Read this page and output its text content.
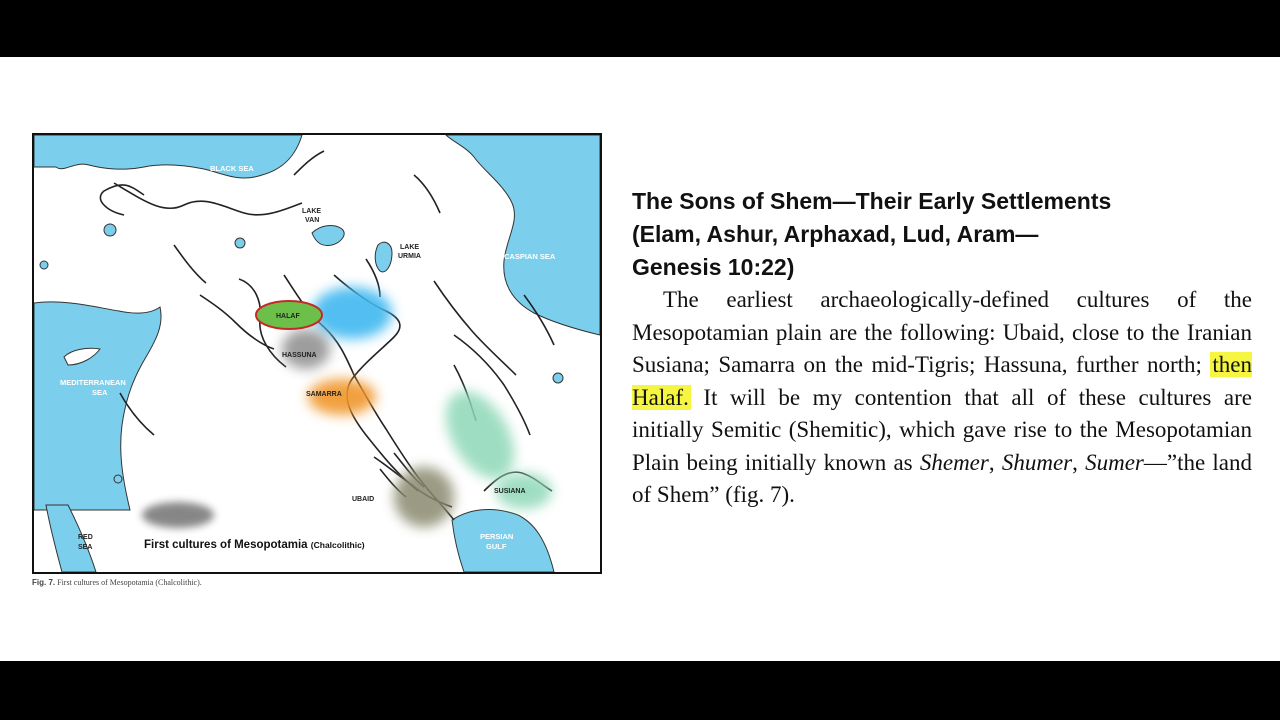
BLACK SEA
CASPIAN SEA
MEDITERRANEAN
SEA
PERSIAN
GULF
LAKE
VAN
LAKE
URMIA
RED
SEA
HALAF
HASSUNA
SAMARRA
UBAID
SUSIANA
First cultures of Mesopotamia (Chalcolithic)
Fig. 7. First cultures of Mesopotamia (Chalcolithic).
The Sons of Shem—Their Early Settlements
(Elam, Ashur, Arphaxad, Lud, Aram—
Genesis 10:22)

The earliest archaeologically-defined cultures of the Mesopotamian plain are the following: Ubaid, close to the Iranian Susiana; Samarra on the mid-Tigris; Hassuna, further north; then Halaf. It will be my contention that all of these cultures are initially Semitic (Shemitic), which gave rise to the Mesopotamian Plain being initially known as Shemer, Shumer, Sumer—”the land of Shem” (fig. 7).
